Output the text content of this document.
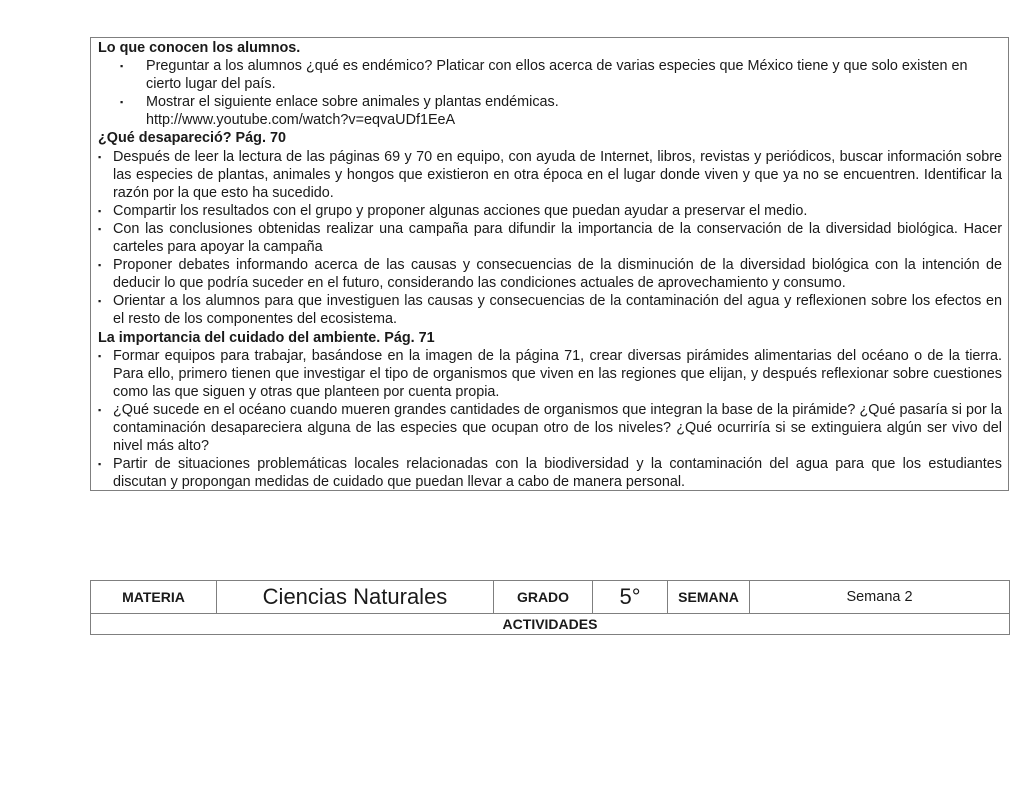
Lo que conocen los alumnos.

▪ Preguntar a los alumnos ¿qué es endémico? Platicar con ellos acerca de varias especies que México tiene y que solo existen en cierto lugar del país.
▪ Mostrar el siguiente enlace sobre animales y plantas endémicas.
http://www.youtube.com/watch?v=eqvaUDf1EeA

¿Qué desapareció? Pág. 70

▪ Después de leer la lectura de las páginas 69 y 70 en equipo, con ayuda de Internet, libros, revistas y periódicos, buscar información sobre las especies de plantas, animales y hongos que existieron en otra época en el lugar donde viven y que ya no se encuentren. Identificar la razón por la que esto ha sucedido.
▪ Compartir los resultados con el grupo y proponer algunas acciones que puedan ayudar a preservar el medio.
▪ Con las conclusiones obtenidas realizar una campaña para difundir la importancia de la conservación de la diversidad biológica. Hacer carteles para apoyar la campaña
▪ Proponer debates informando acerca de las causas y consecuencias de la disminución de la diversidad biológica con la intención de deducir lo que podría suceder en el futuro, considerando las condiciones actuales de aprovechamiento y consumo.
▪ Orientar a los alumnos para que investiguen las causas y consecuencias de la contaminación del agua y reflexionen sobre los efectos en el resto de los componentes del ecosistema.

La importancia del cuidado del ambiente. Pág. 71

▪ Formar equipos para trabajar, basándose en la imagen de la página 71, crear diversas pirámides alimentarias del océano o de la tierra. Para ello, primero tienen que investigar el tipo de organismos que viven en las regiones que elijan, y después reflexionar sobre cuestiones como las que siguen y otras que planteen por cuenta propia.
▪ ¿Qué sucede en el océano cuando mueren grandes cantidades de organismos que integran la base de la pirámide? ¿Qué pasaría si por la contaminación desapareciera alguna de las especies que ocupan otro de los niveles? ¿Qué ocurriría si se extinguiera algún ser vivo del nivel más alto?
▪ Partir de situaciones problemáticas locales relacionadas con la biodiversidad y la contaminación del agua para que los estudiantes discutan y propongan medidas de cuidado que puedan llevar a cabo de manera personal.
MATERIA	Ciencias Naturales	GRADO	5°	SEMANA	Semana 2
ACTIVIDADES
